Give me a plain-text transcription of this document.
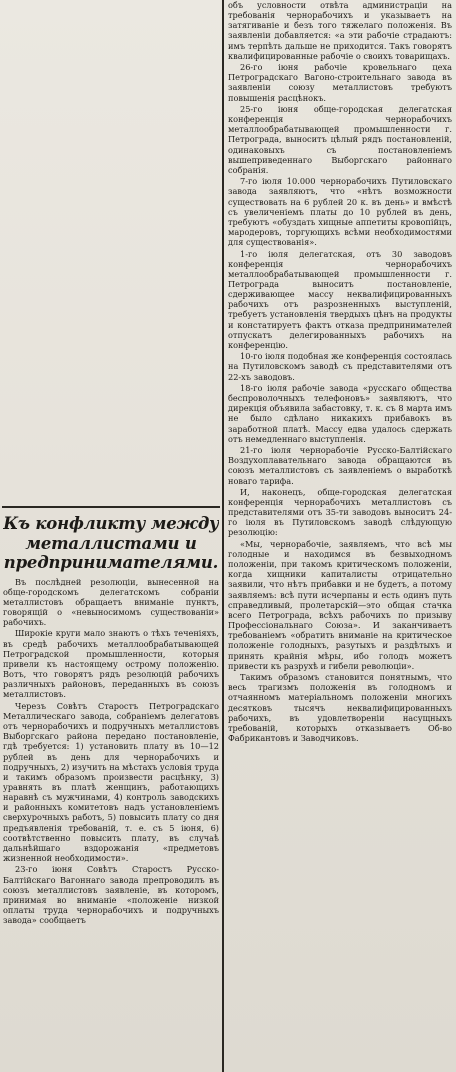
объ условности отвѣта администраціи на требованія чернорабочихъ и указываетъ на затягиваніе и безъ того тяжелаго положенія. Въ заявленіи добавляется: «а эти рабочіе страдаютъ: имъ терпѣть дальше не приходится. Такъ говорятъ квалифицированные рабочіе о своихъ товарищахъ.

26-го іюня рабочіе кровельнаго цеха Петроградскаго Вагоно-строительнаго завода въ заявленіи союзу металлистовъ требуютъ повышенія расцѣнокъ.

25-го іюня обще-городская делегатская конференція чернорабочихъ металлообрабатывающей промышленности г. Петрограда, выноситъ цѣлый рядъ постановленій, одинаковыхъ съ постановленіемъ вышеприведеннаго Выборгскаго районнаго собранія.

7-го іюля 10.000 чернорабочихъ Путиловскаго завода заявляютъ, что «нѣтъ возможности существовать на 6 рублей 20 к. въ день» и вмѣстѣ съ увеличеніемъ платы до 10 рублей въ день, требуютъ «обуздать хищные аппетиты кровопійцъ, мародеровъ, торгующихъ всѣми необходимостями для существованія».

1-го іюля делегатская, отъ 30 заводовъ конференція чернорабочихъ металлообрабатывающей промышленности г. Петрограда выноситъ постановленіе, сдерживающее массу неквалифицированныхъ рабочихъ отъ разрозненныхъ выступленій, требуетъ установленія твердыхъ цѣнъ на продукты и констатируетъ фактъ отказа предпринимателей отпускатъ делегированныхъ рабочихъ на конференцію.

10-го іюля подобная же конференція состоялась на Путиловскомъ заводѣ съ представителями отъ 22-хъ заводовъ.

18-го іюля рабочіе завода «русскаго общества беспроволочныхъ телефоновъ» заявляютъ, что дирекція объявила забастовку, т. к. съ 8 марта имъ не было сдѣлано никакихъ прибавокъ въ заработной платѣ. Массу едва удалось сдержать отъ немедленнаго выступленія.

21-го іюля чернорабочіе Русско-Балтійскаго Воздухоплавательнаго завода обращаются въ союзъ металлистовъ съ заявленіемъ о выработкѣ новаго тарифа.

И, наконецъ, обще-городская делегатская конференція чернорабочихъ металлистовъ съ представителями отъ 35-ти заводовъ выноситъ 24-го іюля въ Путиловскомъ заводѣ слѣдующую резолюцію:

«Мы, чернорабочіе, заявляемъ, что всѣ мы голодные и находимся въ безвыходномъ положеніи, при такомъ критическомъ положеніи, когда хищники капиталисты отрицательно заявили, что нѣтъ прибавки и не будетъ, а потому заявляемъ: всѣ пути исчерпаны и есть одинъ путь справедливый, пролетарскій—это общая стачка всего Петрограда, всѣхъ рабочихъ по призыву Профессіональнаго Союза». И заканчиваетъ требованіемъ «обратить вниманіе на критическое положеніе голодныхъ, разутыхъ и раздѣтыхъ и принять крайнія мѣры, ибо голодъ можетъ привести къ разрухѣ и гибели революціи».

Такимъ образомъ становится понятнымъ, что весь трагизмъ положенія въ голодномъ и отчаянномъ матеріальномъ положеніи многихъ десятковъ тысячъ неквалифицированныхъ рабочихъ, въ удовлетвореніи насущныхъ требованій, которыхъ отказываетъ Об-во Фабрикантовъ и Заводчиковъ.

Къ конфликту между металлистами и предпринимателями.

Въ послѣдней резолюціи, вынесенной на обще-городскомъ делегатскомъ собраніи металлистовъ обращаетъ вниманіе пунктъ, говорящій о «невыносимомъ существованіи» рабочихъ.

Широкіе круги мало знаютъ о тѣхъ теченіяхъ, въ средѣ рабочихъ металлообрабатывающей Петроградской промышленности, которыя привели къ настоящему острому положенію. Вотъ, что говорятъ рядъ резолюцій рабочихъ различныхъ районовъ, переданныхъ въ союзъ металлистовъ.

Черезъ Совѣтъ Старостъ Петроградскаго Металлическаго завода, собраніемъ делегатовъ отъ чернорабочихъ и подручныхъ металлистовъ Выборгскаго района передано постановленіе, гдѣ требуется: 1) установить плату въ 10—12 рублей въ день для чернорабочихъ и подручныхъ, 2) изучить на мѣстахъ условія труда и такимъ образомъ произвести расцѣнку, 3) уравнять въ платѣ женщинъ, работающихъ наравнѣ съ мужчинами, 4) контроль заводскихъ и районныхъ комитетовъ надъ установленіемъ сверхурочныхъ работъ, 5) повысить плату со дня предъявленія требованій, т. е. съ 5 іюня, 6) соотвѣтственно повысить плату, въ случаѣ дальнѣйшаго вздорожанія «предметовъ жизненной необходимости».

23-го іюня Совѣтъ Старостъ Русско-Балтійскаго Вагоннаго завода препроводилъ въ союзъ металлистовъ заявленіе, въ которомъ, принимая во вниманіе «положеніе низкой оплаты труда чернорабочихъ и подручныхъ завода» сообщаетъ
